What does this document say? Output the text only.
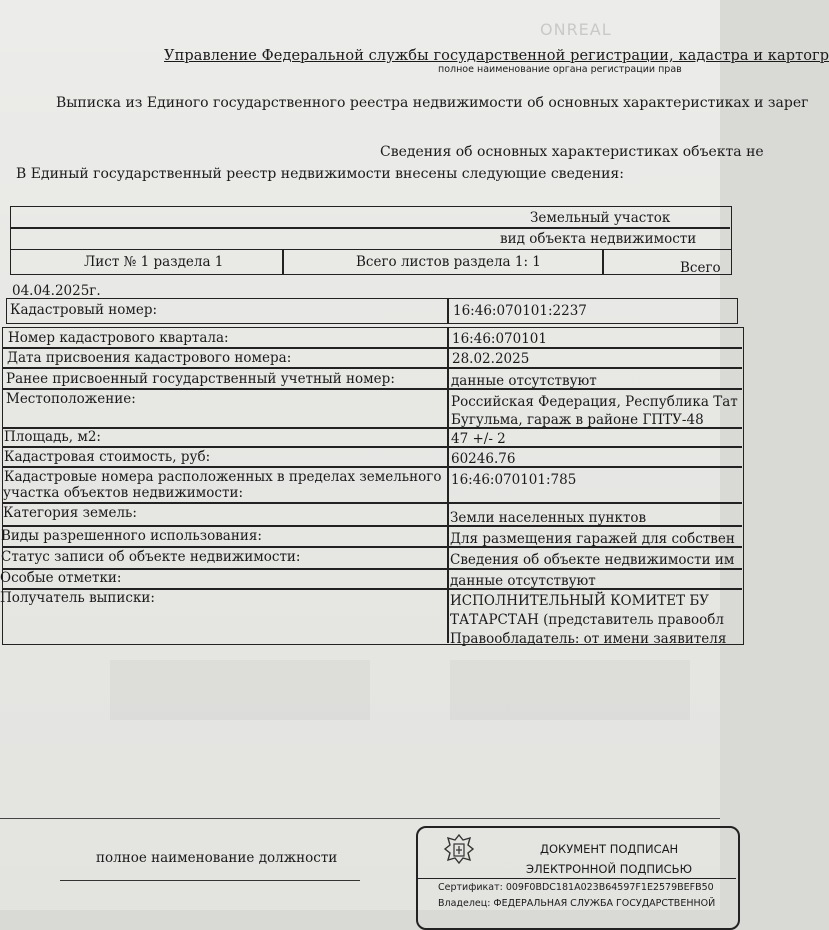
ONREAL
Управление Федеральной службы государственной регистрации, кадастра и картогр
полное наименование органа регистрации прав
Выписка из Единого государственного реестра недвижимости об основных характеристиках и зарег
Сведения об основных характеристиках объекта не
В Единый государственный реестр недвижимости внесены следующие сведения:
Земельный участок
вид объекта недвижимости
Лист № 1 раздела 1	Всего листов раздела 1: 1	Всего
04.04.2025г.
Кадастровый номер:	16:46:070101:2237
Номер кадастрового квартала:	16:46:070101
Дата присвоения кадастрового номера:	28.02.2025
Ранее присвоенный государственный учетный номер:	данные отсутствуют
Местоположение:	Российская Федерация, Республика Тат
Бугульма, гараж в районе ГПТУ-48
Площадь, м2:	47 +/- 2
Кадастровая стоимость, руб:	60246.76
Кадастровые номера расположенных в пределах земельного
участка объектов недвижимости:
16:46:070101:785
Категория земель:	Земли населенных пунктов
Виды разрешенного использования:	Для размещения гаражей для собствен
Статус записи об объекте недвижимости:	Сведения об объекте недвижимости им
Особые отметки:	данные отсутствуют
Получатель выписки:	ИСПОЛНИТЕЛЬНЫЙ КОМИТЕТ БУ
ТАТАРСТАН (представитель правообл
Правообладатель: от имени заявителя
полное наименование должности
ДОКУМЕНТ ПОДПИСАН
ЭЛЕКТРОННОЙ ПОДПИСЬЮ
Сертификат: 009F0BDC181A023B64597F1E2579BEFB50
Владелец: ФЕДЕРАЛЬНАЯ СЛУЖБА ГОСУДАРСТВЕННОЙ
